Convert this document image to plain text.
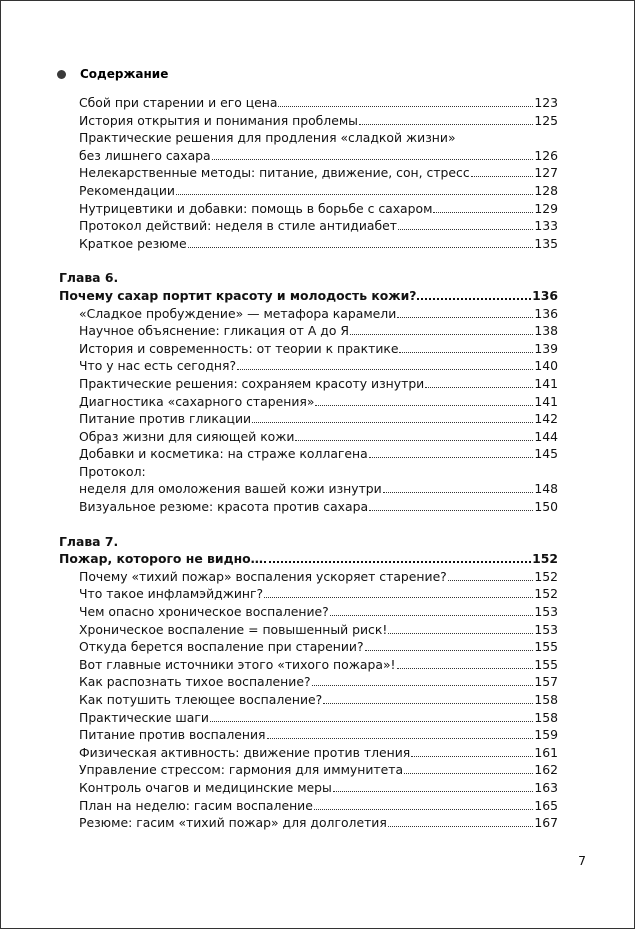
Содержание
Сбой при старении и его цена	123
История открытия и понимания проблемы	125
Практические решения для продления «сладкой жизни»
без лишнего сахара	126
Нелекарственные методы: питание, движение, сон, стресс	127
Рекомендации	128
Нутрицевтики и добавки: помощь в борьбе с сахаром	129
Протокол действий: неделя в стиле антидиабет	133
Краткое резюме	135
Глава 6.
Почему сахар портит красоту и молодость кожи?	136
«Сладкое пробуждение» — метафора карамели	136
Научное объяснение: гликация от А до Я	138
История и современность: от теории к практике	139
Что у нас есть сегодня?	140
Практические решения: сохраняем красоту изнутри	141
Диагностика «сахарного старения»	141
Питание против гликации	142
Образ жизни для сияющей кожи	144
Добавки и косметика: на страже коллагена	145
Протокол:
неделя для омоложения вашей кожи изнутри	148
Визуальное резюме: красота против сахара	150
Глава 7.
Пожар, которого не видно…	152
Почему «тихий пожар» воспаления ускоряет старение?	152
Что такое инфламэйджинг?	152
Чем опасно хроническое воспаление?	153
Хроническое воспаление = повышенный риск!	153
Откуда берется воспаление при старении?	155
Вот главные источники этого «тихого пожара»!	155
Как распознать тихое воспаление?	157
Как потушить тлеющее воспаление?	158
Практические шаги	158
Питание против воспаления	159
Физическая активность: движение против тления	161
Управление стрессом: гармония для иммунитета	162
Контроль очагов и медицинские меры	163
План на неделю: гасим воспаление	165
Резюме: гасим «тихий пожар» для долголетия	167
7
